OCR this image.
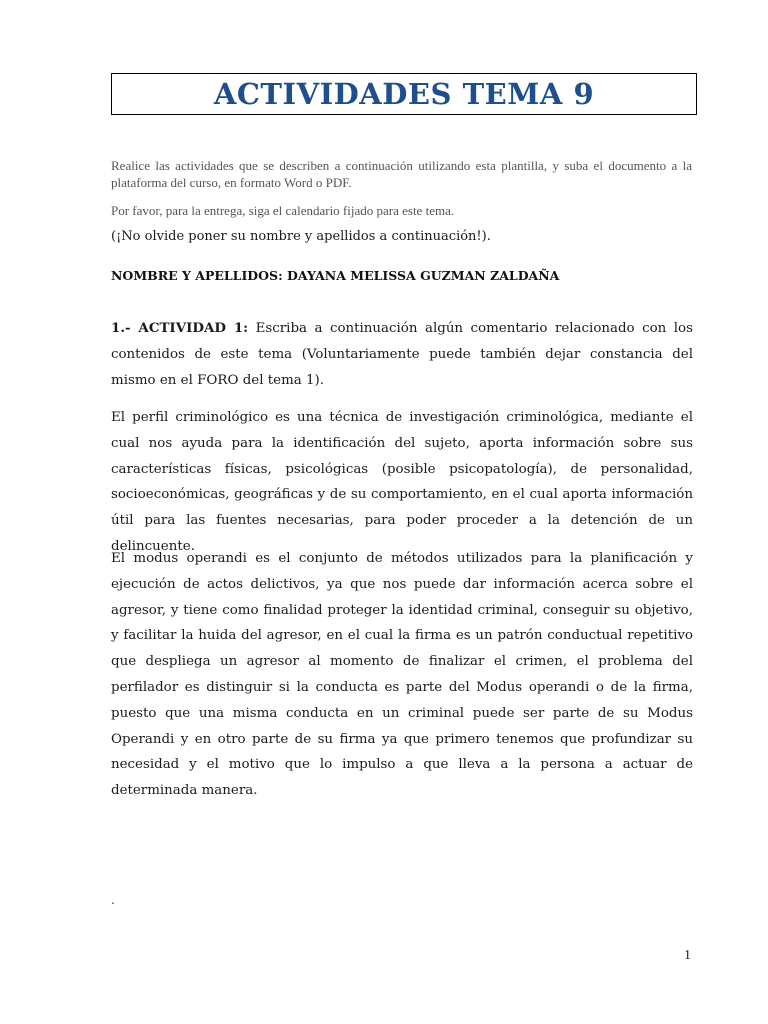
ACTIVIDADES TEMA 9

Realice las actividades que se describen a continuación utilizando esta plantilla, y suba el documento a la plataforma del curso, en formato Word o PDF.

Por favor, para la entrega, siga el calendario fijado para este tema.

(¡No olvide poner su nombre y apellidos a continuación!).

NOMBRE Y APELLIDOS: DAYANA MELISSA GUZMAN ZALDAÑA

1.- ACTIVIDAD 1: Escriba a continuación algún comentario relacionado con los contenidos de este tema (Voluntariamente puede también dejar constancia del mismo en el FORO del tema 1).

El perfil criminológico es una técnica de investigación criminológica, mediante el cual nos ayuda para la identificación del sujeto, aporta información sobre sus características físicas, psicológicas (posible psicopatología), de personalidad, socioeconómicas, geográficas y de su comportamiento, en el cual aporta información útil para las fuentes necesarias, para poder proceder a la detención de un delincuente.

El modus operandi es el conjunto de métodos utilizados para la planificación y ejecución de actos delictivos, ya que nos puede dar información acerca sobre el agresor, y tiene como finalidad proteger la identidad criminal, conseguir su objetivo, y facilitar la huida del agresor, en el cual la firma es un patrón conductual repetitivo que despliega un agresor al momento de finalizar el crimen, el problema del perfilador es distinguir si la conducta es parte del Modus operandi o de la firma, puesto que una misma conducta en un criminal puede ser parte de su Modus Operandi y en otro parte de su firma ya que primero tenemos que profundizar su necesidad y el motivo que lo impulso a que lleva a la persona a actuar de determinada manera.

.

1
